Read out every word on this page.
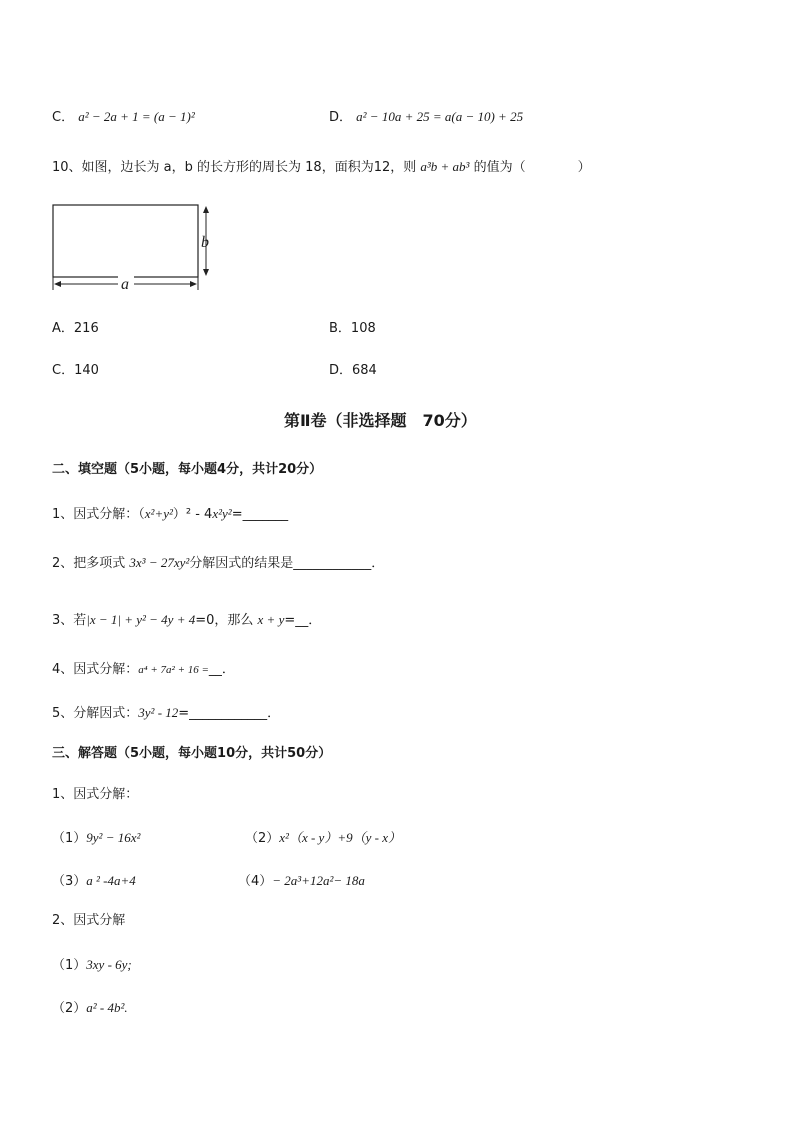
C． a² − 2a + 1 = (a − 1)²	D． a² − 10a + 25 = a(a − 10) + 25
10、如图，边长为 a，b 的长方形的周长为 18，面积为12，则 a³b + ab³ 的值为（　　　　）
b
a
A．216	B．108
C．140	D．684
第Ⅱ卷（非选择题　70分）
二、填空题（5小题，每小题4分，共计20分）
1、因式分解：（x²+y²）² - 4x²y²=_______
2、把多项式 3x³ − 27xy²分解因式的结果是____________．
3、若|x − 1| + y² − 4y + 4=0，那么 x + y=__．
4、因式分解：a⁴ + 7a² + 16 =__．
5、分解因式：3y² - 12=____________．
三、解答题（5小题，每小题10分，共计50分）
1、因式分解：
（1）9y² − 16x²	（2）x²（x - y）+9（y - x）
（3）a ² -4a+4	（4）− 2a³+12a²− 18a
2、因式分解
（1）3xy - 6y;
（2）a² - 4b².
